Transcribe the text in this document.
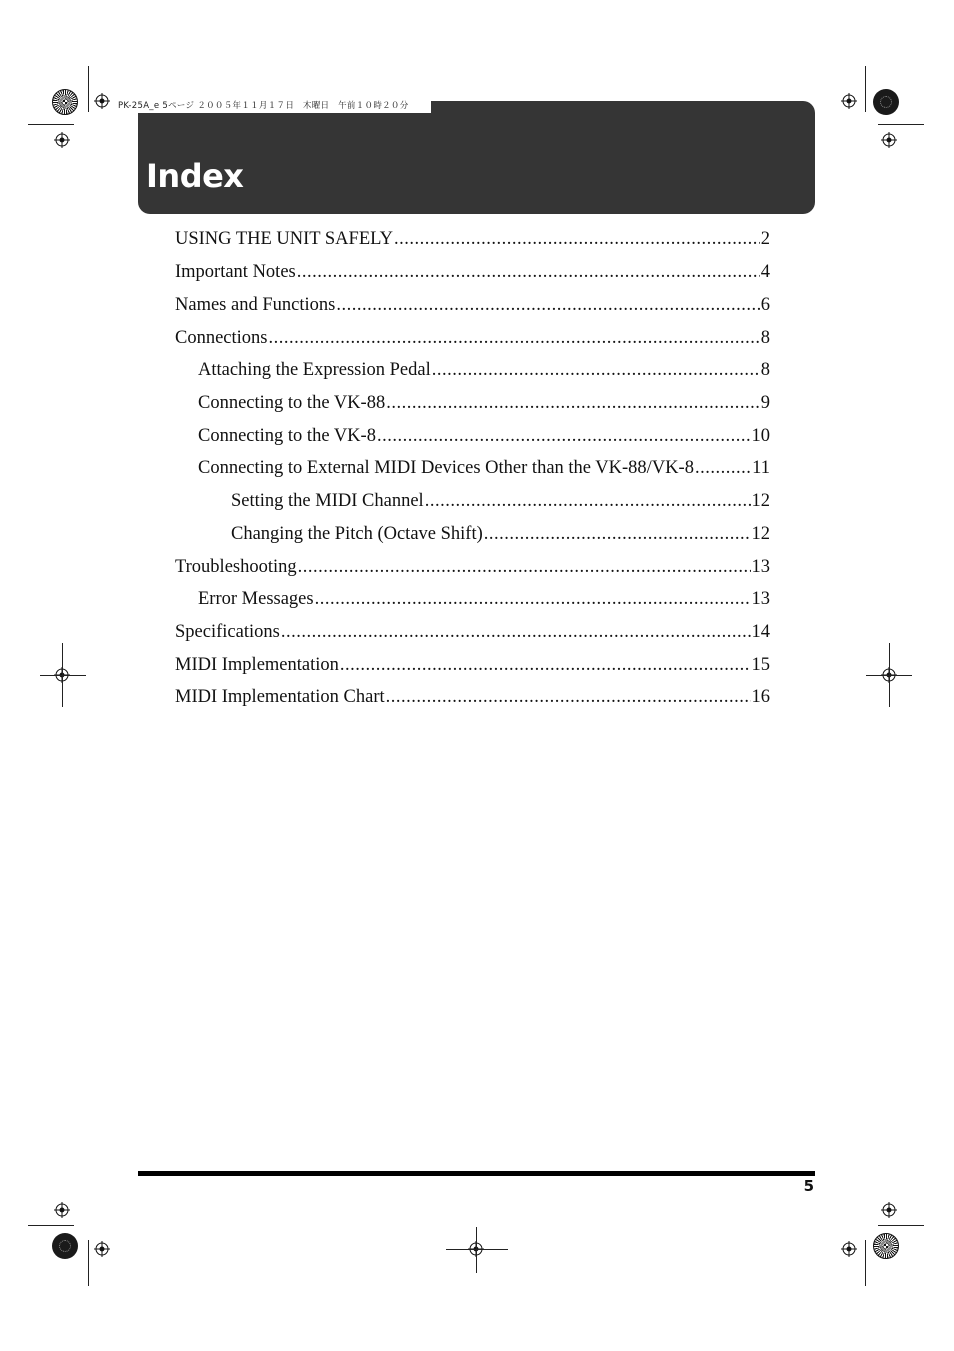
PK-25A_e 5ページ ２００５年１１月１７日　木曜日　午前１０時２０分
Index
USING THE UNIT SAFELY .....	2
Important Notes .....	4
Names and Functions .....	6
Connections .....	8
Attaching the Expression Pedal .....	8
Connecting to the VK-88 .....	9
Connecting to the VK-8 .....	10
Connecting to External MIDI Devices Other than the VK-88/VK-8 .....	11
Setting the MIDI Channel .....	12
Changing the Pitch (Octave Shift) .....	12
Troubleshooting .....	13
Error Messages .....	13
Specifications .....	14
MIDI Implementation .....	15
MIDI Implementation Chart .....	16
5
